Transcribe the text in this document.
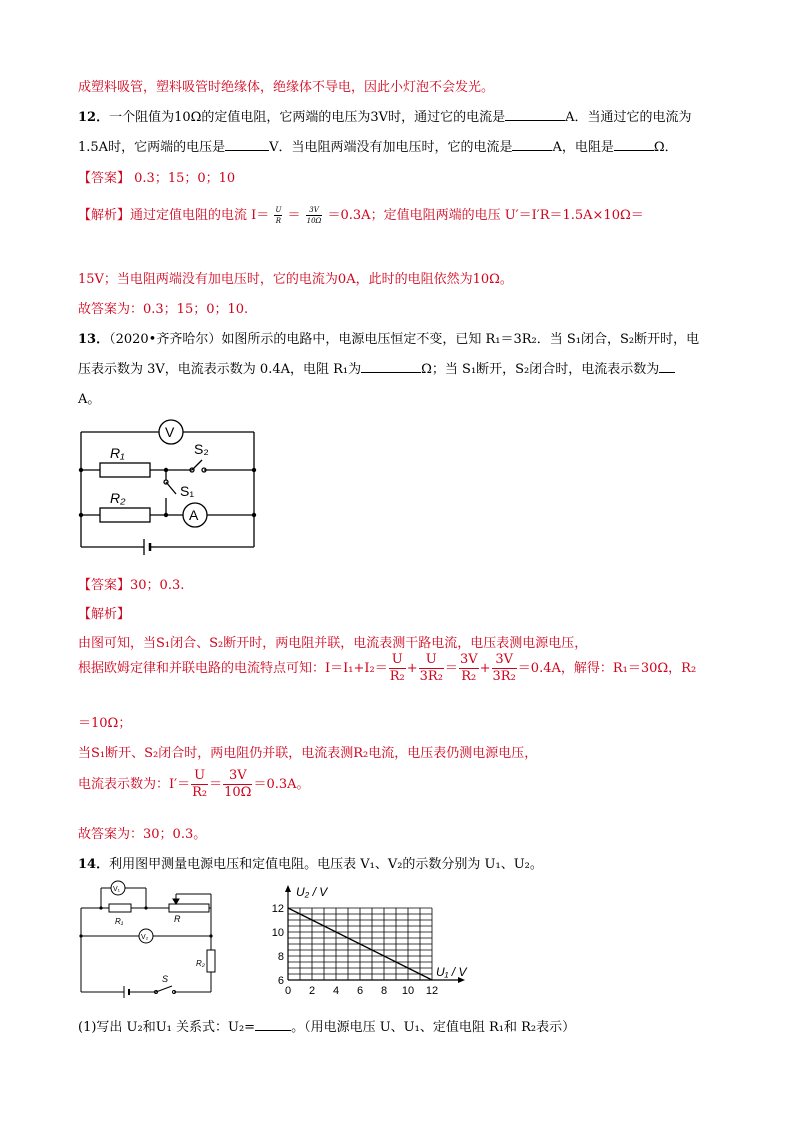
成塑料吸管，塑料吸管时绝缘体，绝缘体不导电，因此小灯泡不会发光。
12．一个阻值为10Ω的定值电阻，它两端的电压为3V时，通过它的电流是	A．当通过它的电流为
1.5A时，它两端的电压是	V．当电阻两端没有加电压时，它的电流是	A，电阻是	Ω．
【答案】 0.3；15；0；10
【解析】通过定值电阻的电流 $I= \frac{U}{R} = \frac{3V}{10\Omega} =0.3A$；定值电阻两端的电压 U′＝I′R＝1.5A×10Ω＝
15V；当电阻两端没有加电压时，它的电流为0A，此时的电阻依然为10Ω。
故答案为：0.3；15；0；10.
13．（2020•齐齐哈尔）如图所示的电路中，电源电压恒定不变，已知 R₁＝3R₂．当 S₁闭合，S₂断开时，电
压表示数为 3V，电流表示数为 0.4A，电阻 R₁为	Ω；当 S₁断开，S₂闭合时，电流表示数为
A。
V
A
R₁
R₂
S₂
S₁
【答案】30；0.3.
【解析】
由图可知，当S₁闭合、S₂断开时，两电阻并联，电流表测干路电流，电压表测电源电压，
根据欧姆定律和并联电路的电流特点可知：$I=I_1+I_2= \frac{U}{\text{R₂}} + \frac{U}{\text{3R₂}} = \frac{3V}{\text{R₂}} + \frac{3V}{\text{3R₂}} =0.4A$，解得：R₁＝30Ω，R₂
＝10Ω；
当S₁断开、S₂闭合时，两电阻仍并联，电流表测R₂电流，电压表仍测电源电压，
电流表示数为：$I'= \frac{U}{\text{R₂}} = \frac{3V}{10\Omega} =0.3A$。
故答案为：30；0.3。
14．利用图甲测量电源电压和定值电阻。电压表 V₁、V₂的示数分别为 U₁、U₂。
V₁
V₂
R₁	R
R₂
S
0 2 4 6 8 10 12
6
8
10
12
U₂ / V
U₁ / V
(1)写出 U₂和U₁ 关系式：U₂=	。（用电源电压 U、U₁、定值电阻 R₁和 R₂表示）
